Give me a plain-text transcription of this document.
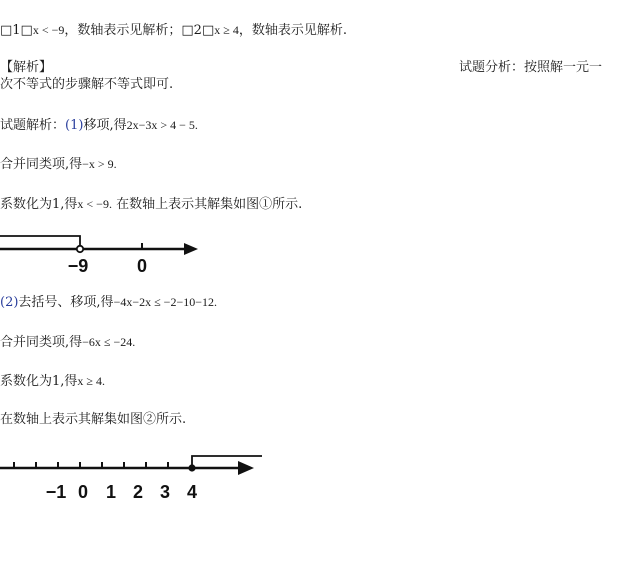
□1□x < −9，数轴表示见解析；□2□x ≥ 4，数轴表示见解析.
【解析】	试题分析：按照解一元一
次不等式的步骤解不等式即可.
试题解析：(1)移项,得2x−3x > 4 − 5.
合并同类项,得−x > 9.
系数化为1,得x < −9. 在数轴上表示其解集如图①所示.
−9	0
(2)去括号、移项,得−4x−2x ≤ −2−10−12.
合并同类项,得−6x ≤ −24.
系数化为1,得x ≥ 4.
在数轴上表示其解集如图②所示.
−1 0 1 2 3 4
